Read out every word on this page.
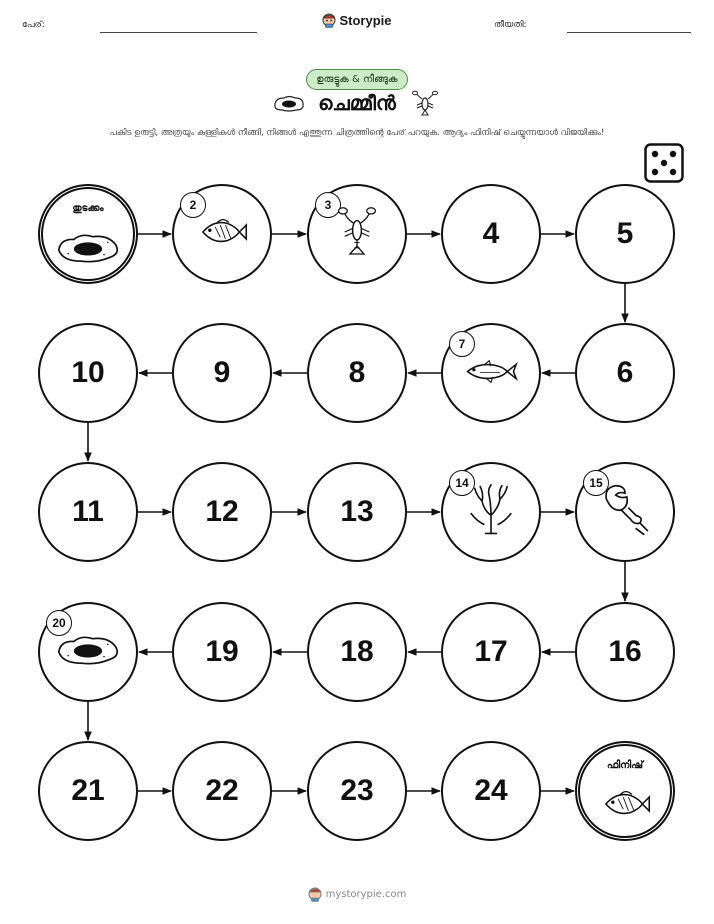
പേര്:	Storypie	തീയതി:
ഉരുട്ടുക & നീങ്ങുക
ചെമ്മീൻ
പകിട ഉരുട്ടി, അത്രയും കള്ളികൾ നീങ്ങി, നിങ്ങൾ എത്തുന്ന ചിത്രത്തിന്റെ പേര് പറയുക. ആദ്യം ഫിനിഷ് ചെയ്യുന്നയാൾ വിജയിക്കും!
തുടക്കം	2	3
4	5
6
7
8
9
10
11	12	13
14	15
16
17
18
19
20
21	22	23	24
ഫിനിഷ്
mystorypie.com
